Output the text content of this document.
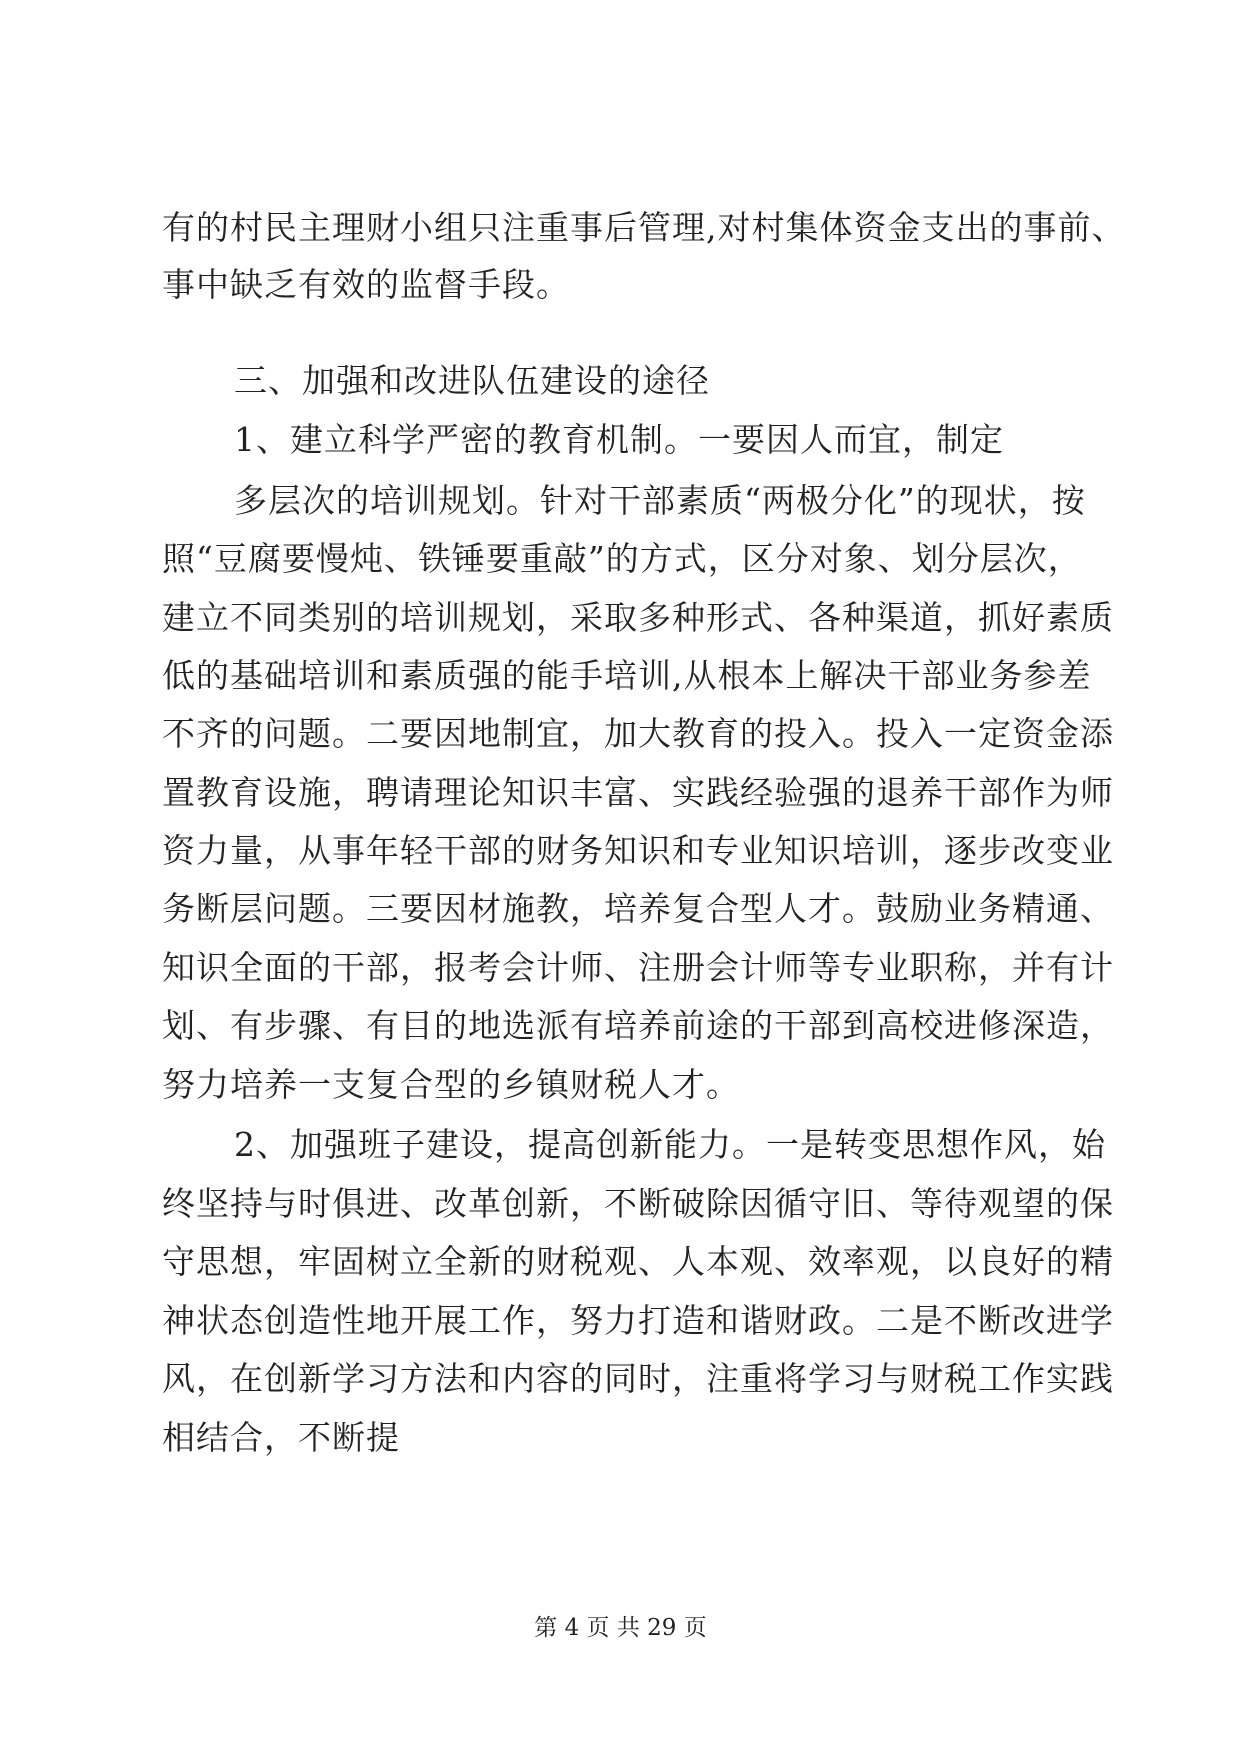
有的村民主理财小组只注重事后管理,对村集体资金支出的事前、
事中缺乏有效的监督手段。
三、加强和改进队伍建设的途径
1、建立科学严密的教育机制。一要因人而宜，制定
多层次的培训规划。针对干部素质“两极分化”的现状，按
照“豆腐要慢炖、铁锤要重敲”的方式，区分对象、划分层次，
建立不同类别的培训规划，采取多种形式、各种渠道，抓好素质
低的基础培训和素质强的能手培训,从根本上解决干部业务参差
不齐的问题。二要因地制宜，加大教育的投入。投入一定资金添
置教育设施，聘请理论知识丰富、实践经验强的退养干部作为师
资力量，从事年轻干部的财务知识和专业知识培训，逐步改变业
务断层问题。三要因材施教，培养复合型人才。鼓励业务精通、
知识全面的干部，报考会计师、注册会计师等专业职称，并有计
划、有步骤、有目的地选派有培养前途的干部到高校进修深造，
努力培养一支复合型的乡镇财税人才。
2、加强班子建设，提高创新能力。一是转变思想作风，始
终坚持与时俱进、改革创新，不断破除因循守旧、等待观望的保
守思想，牢固树立全新的财税观、人本观、效率观，以良好的精
神状态创造性地开展工作，努力打造和谐财政。二是不断改进学
风，在创新学习方法和内容的同时，注重将学习与财税工作实践
相结合，不断提
第 4 页 共 29 页
